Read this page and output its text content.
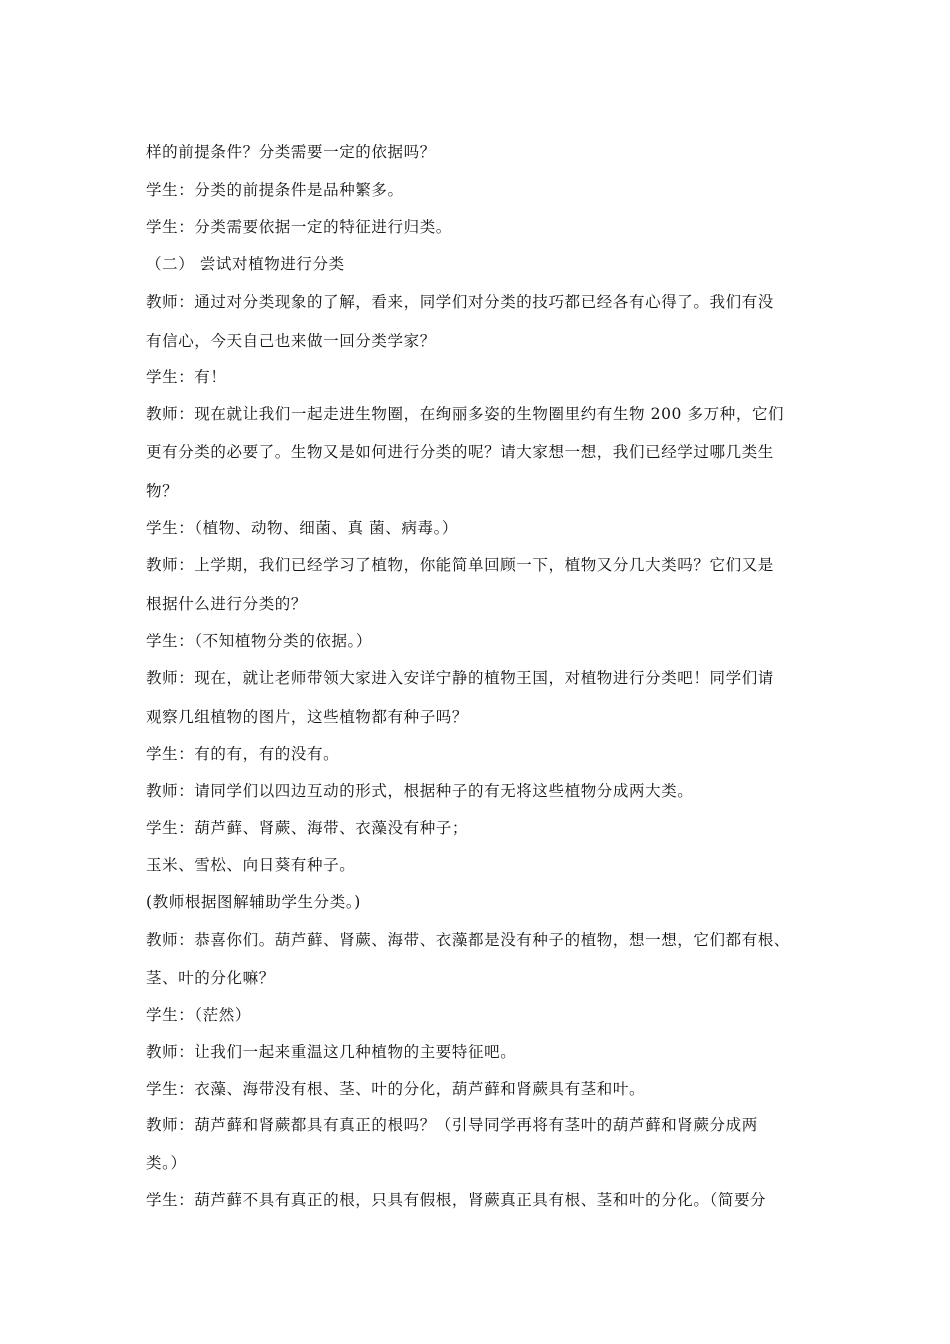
样的前提条件？分类需要一定的依据吗？

学生：分类的前提条件是品种繁多。

学生：分类需要依据一定的特征进行归类。

（二） 尝试对植物进行分类

教师：通过对分类现象的了解，看来，同学们对分类的技巧都已经各有心得了。我们有没

有信心，今天自己也来做一回分类学家？

学生：有！

教师：现在就让我们一起走进生物圈，在绚丽多姿的生物圈里约有生物 200 多万种，它们

更有分类的必要了。生物又是如何进行分类的呢？请大家想一想，我们已经学过哪几类生

物？

学生：（植物、动物、细菌、真 菌、病毒。）

教师：上学期，我们已经学习了植物，你能简单回顾一下，植物又分几大类吗？它们又是

根据什么进行分类的？

学生：（不知植物分类的依据。）

教师：现在，就让老师带领大家进入安详宁静的植物王国，对植物进行分类吧！同学们请

观察几组植物的图片，这些植物都有种子吗？

学生：有的有，有的没有。

教师：请同学们以四边互动的形式，根据种子的有无将这些植物分成两大类。

学生：葫芦藓、肾蕨、海带、衣藻没有种子；

玉米、雪松、向日葵有种子。

(教师根据图解辅助学生分类。)

教师：恭喜你们。葫芦藓、肾蕨、海带、衣藻都是没有种子的植物，想一想，它们都有根、

茎、叶的分化嘛？

学生：（茫然）

教师：让我们一起来重温这几种植物的主要特征吧。

学生：衣藻、海带没有根、茎、叶的分化，葫芦藓和肾蕨具有茎和叶。

教师：葫芦藓和肾蕨都具有真正的根吗？（引导同学再将有茎叶的葫芦藓和肾蕨分成两

类。）

学生：葫芦藓不具有真正的根，只具有假根，肾蕨真正具有根、茎和叶的分化。（简要分
